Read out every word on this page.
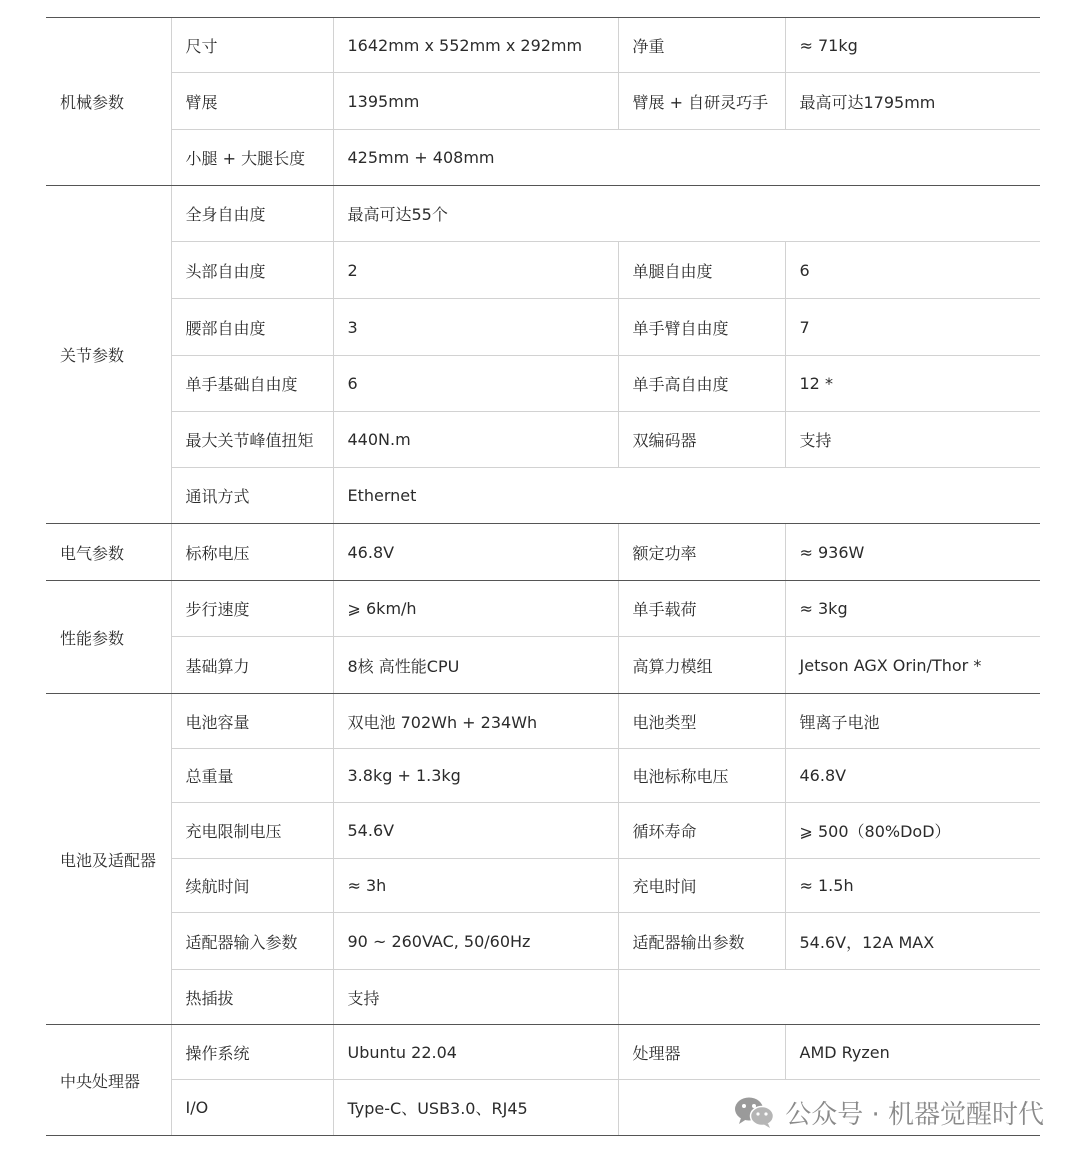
机械参数	尺寸	1642mm x 552mm x 292mm	净重	≈ 71kg
	臂展	1395mm	臂展 + 自研灵巧手	最高可达1795mm
	小腿 + 大腿长度	425mm + 408mm		
关节参数	全身自由度	最高可达55个		
	头部自由度	2	单腿自由度	6
	腰部自由度	3	单手臂自由度	7
	单手基础自由度	6	单手高自由度	12 *
	最大关节峰值扭矩	440N.m	双编码器	支持
	通讯方式	Ethernet		
电气参数	标称电压	46.8V	额定功率	≈ 936W
性能参数	步行速度	⩾ 6km/h	单手载荷	≈ 3kg
	基础算力	8核 高性能CPU	高算力模组	Jetson AGX Orin/Thor *
电池及适配器	电池容量	双电池 702Wh + 234Wh	电池类型	锂离子电池
	总重量	3.8kg + 1.3kg	电池标称电压	46.8V
	充电限制电压	54.6V	循环寿命	⩾ 500（80%DoD）
	续航时间	≈ 3h	充电时间	≈ 1.5h
	适配器输入参数	90 ~ 260VAC, 50/60Hz	适配器输出参数	54.6V，12A MAX
	热插拔	支持		
中央处理器	操作系统	Ubuntu 22.04	处理器	AMD Ryzen
	I/O	Type-C、USB3.0、RJ45			公众号 · 机器觉醒时代
